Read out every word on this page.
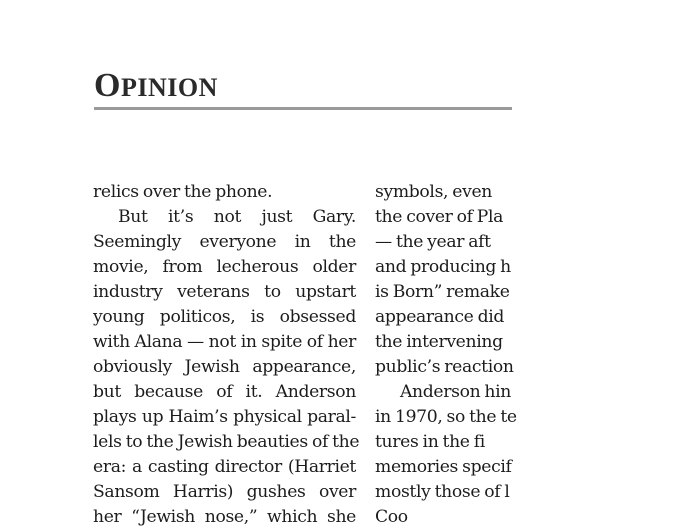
OPINION
relics over the phone.
But it’s not just Gary.
Seemingly everyone in the
movie, from lecherous older
industry veterans to upstart
young politicos, is obsessed
with Alana — not in spite of her
obviously Jewish appearance,
but because of it. Anderson
plays up Haim’s physical paral-
lels to the Jewish beauties of the
era: a casting director (Harriet
Sansom Harris) gushes over
her “Jewish nose,” which she
symbols, even
the cover of Pla
— the year aft
and producing h
is Born” remake
appearance did
the intervening
public’s reaction
Anderson hin
in 1970, so the te
tures in the fi
memories specif
mostly those of l
Coo
